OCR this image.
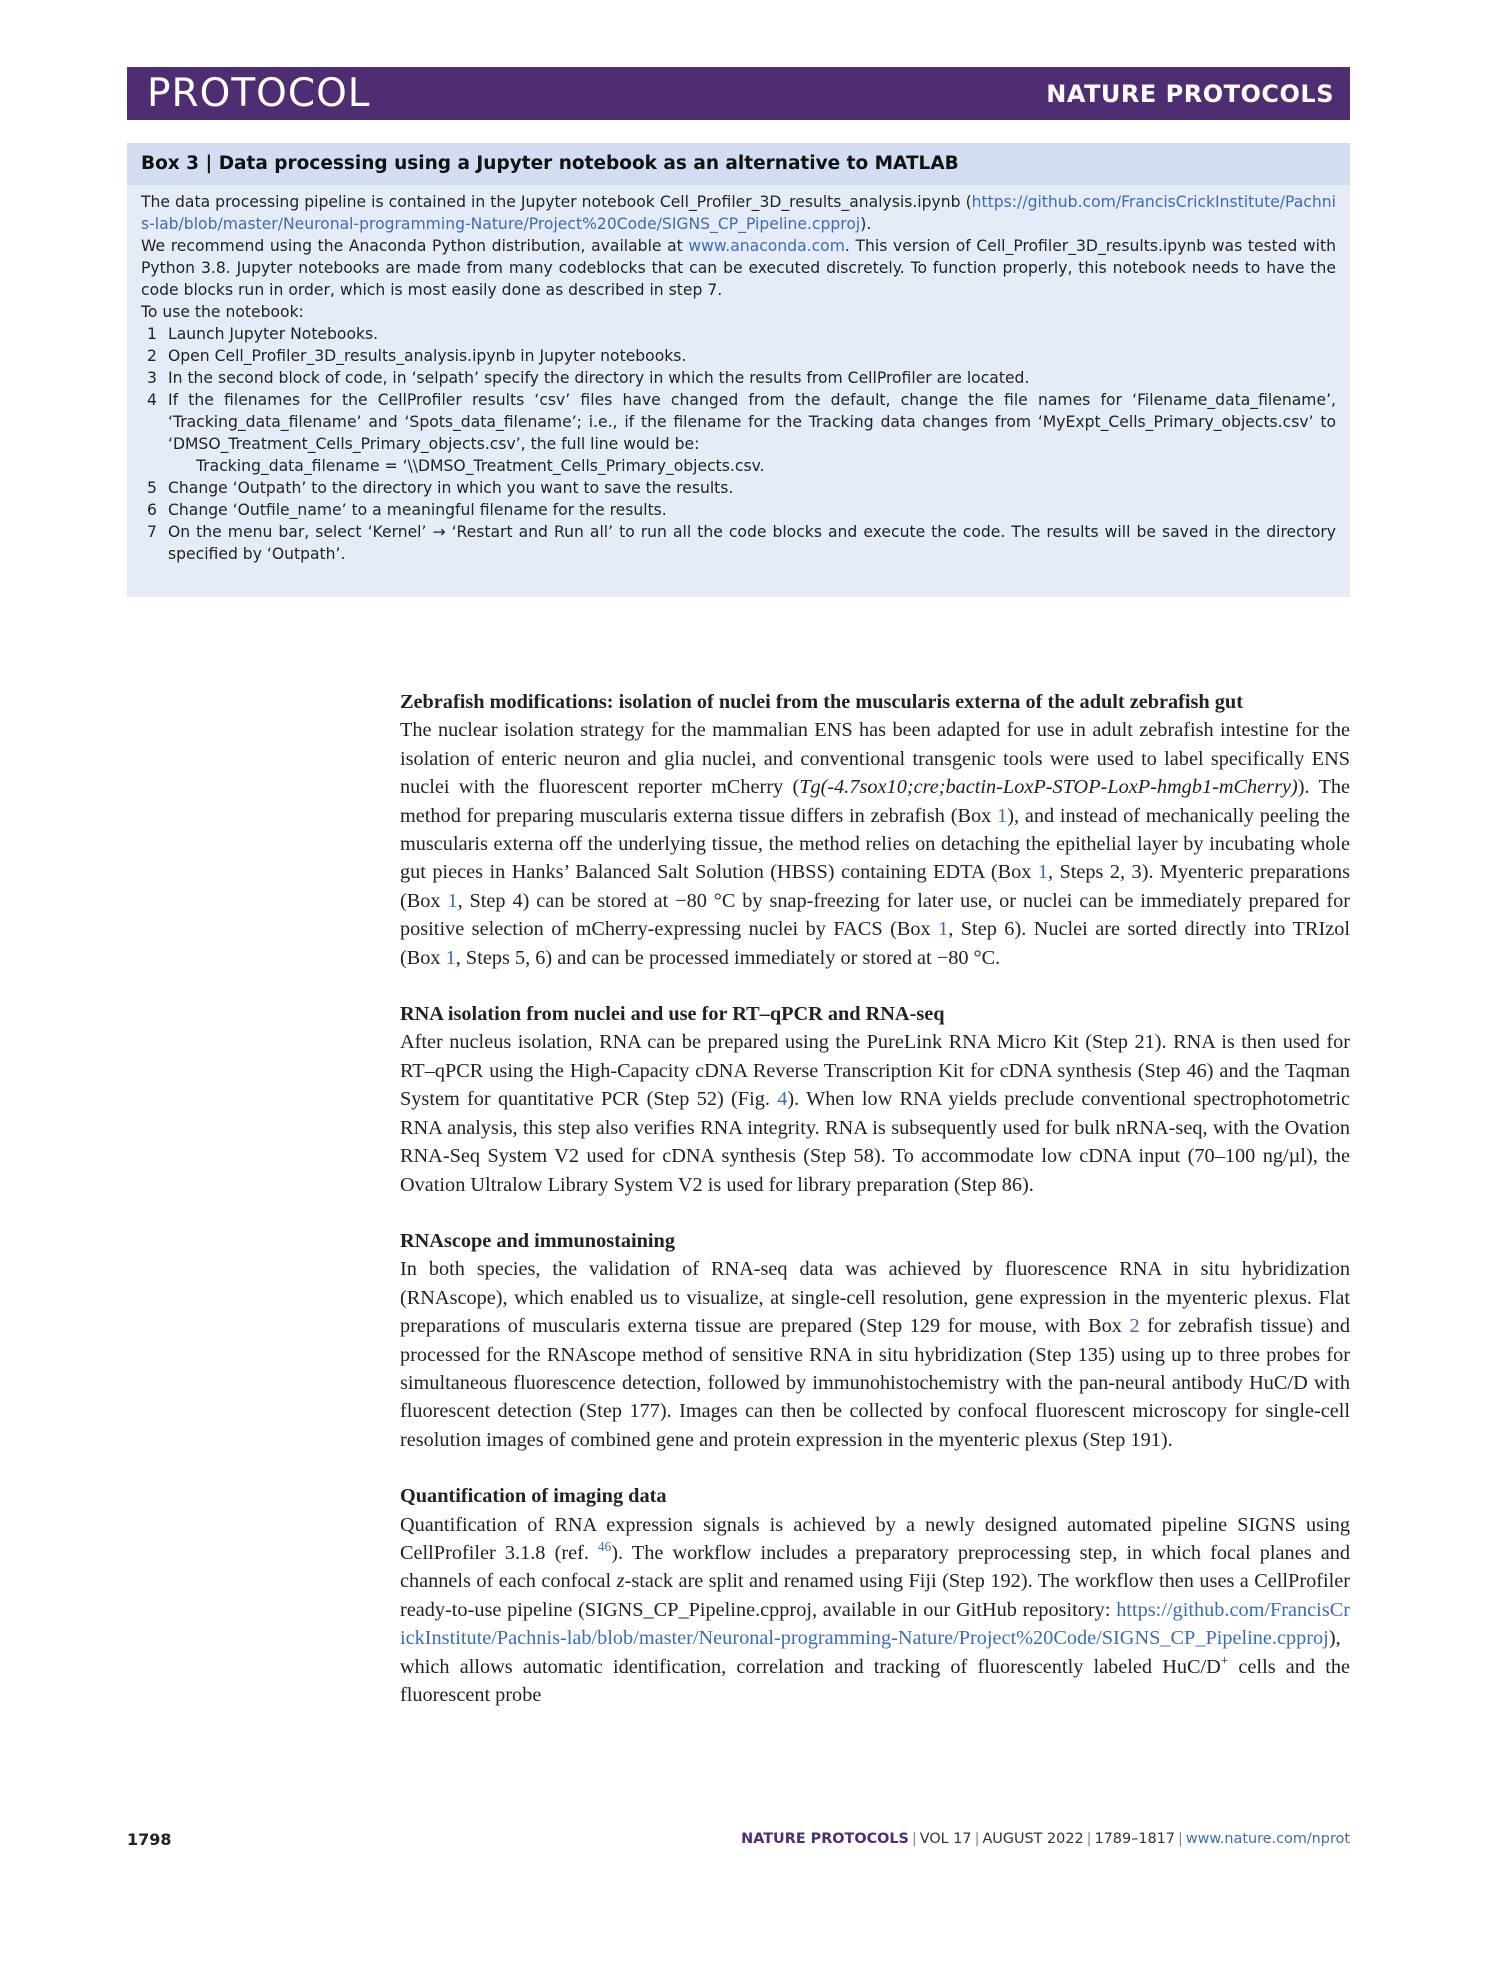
PROTOCOL	NATURE PROTOCOLS
Box 3 | Data processing using a Jupyter notebook as an alternative to MATLAB

The data processing pipeline is contained in the Jupyter notebook Cell_Profiler_3D_results_analysis.ipynb (https://github.com/FrancisCrickInstitute/Pachnis-lab/blob/master/Neuronal-programming-Nature/Project%20Code/SIGNS_CP_Pipeline.cpproj).

We recommend using the Anaconda Python distribution, available at www.anaconda.com. This version of Cell_Profiler_3D_results.ipynb was tested with Python 3.8. Jupyter notebooks are made from many codeblocks that can be executed discretely. To function properly, this notebook needs to have the code blocks run in order, which is most easily done as described in step 7.

To use the notebook:

1 Launch Jupyter Notebooks.
2 Open Cell_Profiler_3D_results_analysis.ipynb in Jupyter notebooks.
3 In the second block of code, in ‘selpath’ specify the directory in which the results from CellProfiler are located.
4 If the filenames for the CellProfiler results ‘csv’ files have changed from the default, change the file names for ‘Filename_data_filename’, ‘Tracking_data_filename’ and ‘Spots_data_filename’; i.e., if the filename for the Tracking data changes from ‘MyExpt_Cells_Primary_objects.csv’ to ‘DMSO_Treatment_Cells_Primary_objects.csv’, the full line would be:
Tracking_data_filename = ‘\\DMSO_Treatment_Cells_Primary_objects.csv.
5 Change ‘Outpath’ to the directory in which you want to save the results.
6 Change ‘Outfile_name’ to a meaningful filename for the results.
7 On the menu bar, select ‘Kernel’ → ‘Restart and Run all’ to run all the code blocks and execute the code. The results will be saved in the directory specified by ‘Outpath’.
Zebrafish modifications: isolation of nuclei from the muscularis externa of the adult zebrafish gut

The nuclear isolation strategy for the mammalian ENS has been adapted for use in adult zebrafish intestine for the isolation of enteric neuron and glia nuclei, and conventional transgenic tools were used to label specifically ENS nuclei with the fluorescent reporter mCherry (Tg(-4.7sox10;cre;bactin-LoxP-STOP-LoxP-hmgb1-mCherry)). The method for preparing muscularis externa tissue differs in zebrafish (Box 1), and instead of mechanically peeling the muscularis externa off the underlying tissue, the method relies on detaching the epithelial layer by incubating whole gut pieces in Hanks’ Balanced Salt Solution (HBSS) containing EDTA (Box 1, Steps 2, 3). Myenteric preparations (Box 1, Step 4) can be stored at −80 °C by snap-freezing for later use, or nuclei can be immediately prepared for positive selection of mCherry-expressing nuclei by FACS (Box 1, Step 6). Nuclei are sorted directly into TRIzol (Box 1, Steps 5, 6) and can be processed immediately or stored at −80 °C.

RNA isolation from nuclei and use for RT–qPCR and RNA-seq

After nucleus isolation, RNA can be prepared using the PureLink RNA Micro Kit (Step 21). RNA is then used for RT–qPCR using the High-Capacity cDNA Reverse Transcription Kit for cDNA synthesis (Step 46) and the Taqman System for quantitative PCR (Step 52) (Fig. 4). When low RNA yields preclude conventional spectrophotometric RNA analysis, this step also verifies RNA integrity. RNA is subsequently used for bulk nRNA-seq, with the Ovation RNA-Seq System V2 used for cDNA synthesis (Step 58). To accommodate low cDNA input (70–100 ng/µl), the Ovation Ultralow Library System V2 is used for library preparation (Step 86).

RNAscope and immunostaining

In both species, the validation of RNA-seq data was achieved by fluorescence RNA in situ hybridization (RNAscope), which enabled us to visualize, at single-cell resolution, gene expression in the myenteric plexus. Flat preparations of muscularis externa tissue are prepared (Step 129 for mouse, with Box 2 for zebrafish tissue) and processed for the RNAscope method of sensitive RNA in situ hybridization (Step 135) using up to three probes for simultaneous fluorescence detection, followed by immunohistochemistry with the pan-neural antibody HuC/D with fluorescent detection (Step 177). Images can then be collected by confocal fluorescent microscopy for single-cell resolution images of combined gene and protein expression in the myenteric plexus (Step 191).

Quantification of imaging data

Quantification of RNA expression signals is achieved by a newly designed automated pipeline SIGNS using CellProfiler 3.1.8 (ref. $^{46}$). The workflow includes a preparatory preprocessing step, in which focal planes and channels of each confocal z-stack are split and renamed using Fiji (Step 192). The workflow then uses a CellProfiler ready-to-use pipeline (SIGNS_CP_Pipeline.cpproj, available in our GitHub repository: https://github.com/FrancisCrickInstitute/Pachnis-lab/blob/master/Neuronal-programming-Nature/Project%20Code/SIGNS_CP_Pipeline.cpproj), which allows automatic identification, correlation and tracking of fluorescently labeled HuC/D+ cells and the fluorescent probe

1798	NATURE PROTOCOLS | VOL 17 | AUGUST 2022 | 1789–1817 | www.nature.com/nprot
